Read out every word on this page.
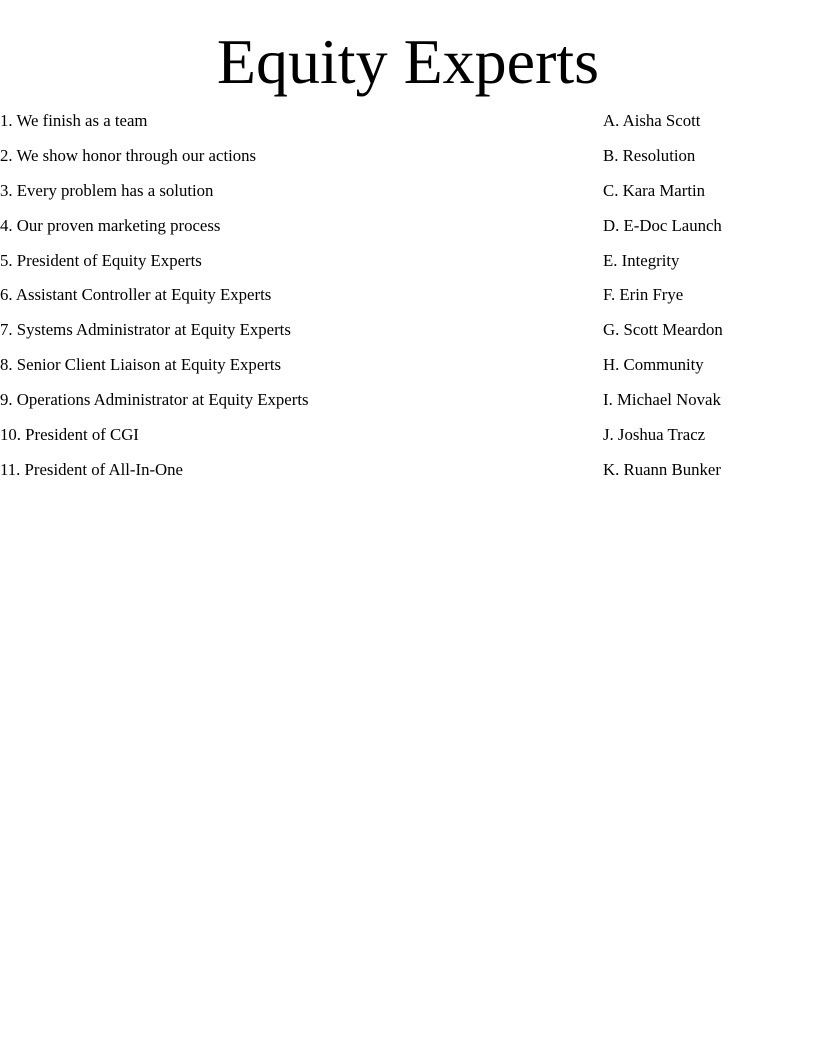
Equity Experts
1. We finish as a team
2. We show honor through our actions
3. Every problem has a solution
4. Our proven marketing process
5. President of Equity Experts
6. Assistant Controller at Equity Experts
7. Systems Administrator at Equity Experts
8. Senior Client Liaison at Equity Experts
9. Operations Administrator at Equity Experts
10. President of CGI
11. President of All-In-One
A. Aisha Scott
B. Resolution
C. Kara Martin
D. E-Doc Launch
E. Integrity
F. Erin Frye
G. Scott Meardon
H. Community
I. Michael Novak
J. Joshua Tracz
K. Ruann Bunker
